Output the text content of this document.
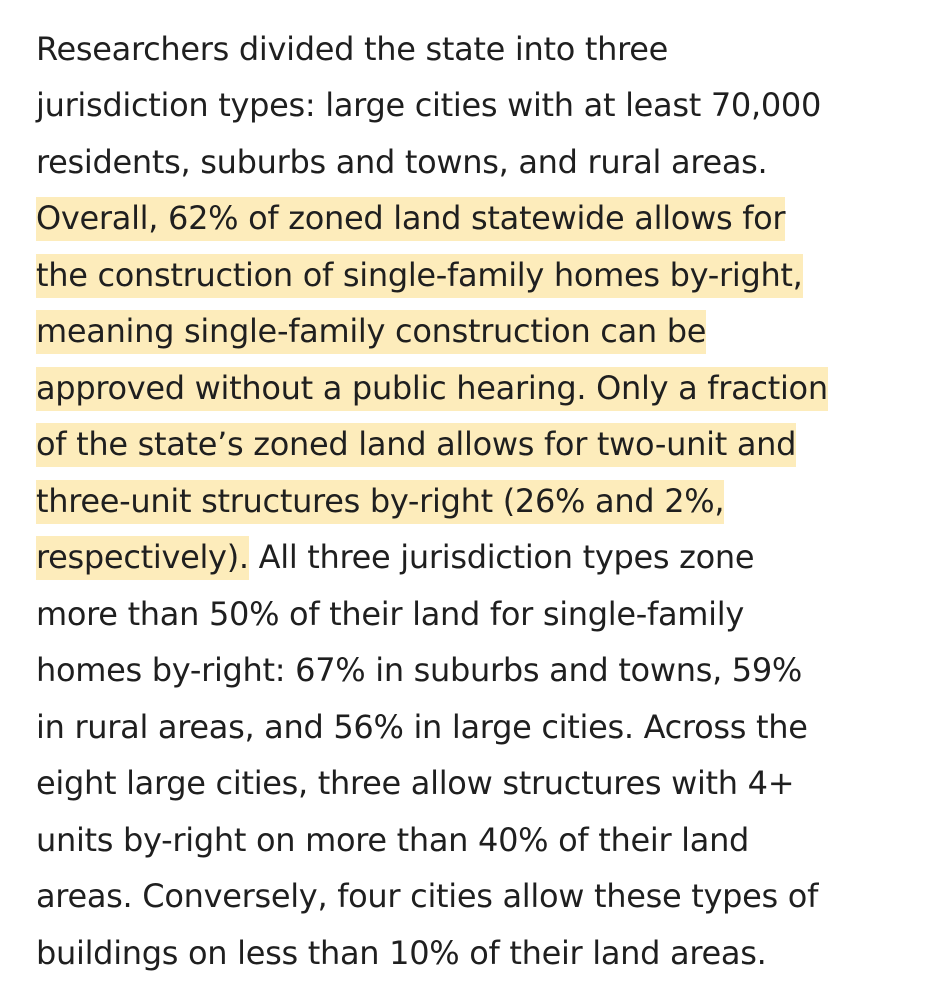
Researchers divided the state into three
jurisdiction types: large cities with at least 70,000
residents, suburbs and towns, and rural areas.
Overall, 62% of zoned land statewide allows for
the construction of single-family homes by-right,
meaning single-family construction can be
approved without a public hearing. Only a fraction
of the state’s zoned land allows for two-unit and
three-unit structures by-right (26% and 2%,
respectively). All three jurisdiction types zone
more than 50% of their land for single-family
homes by-right: 67% in suburbs and towns, 59%
in rural areas, and 56% in large cities. Across the
eight large cities, three allow structures with 4+
units by-right on more than 40% of their land
areas. Conversely, four cities allow these types of
buildings on less than 10% of their land areas.
